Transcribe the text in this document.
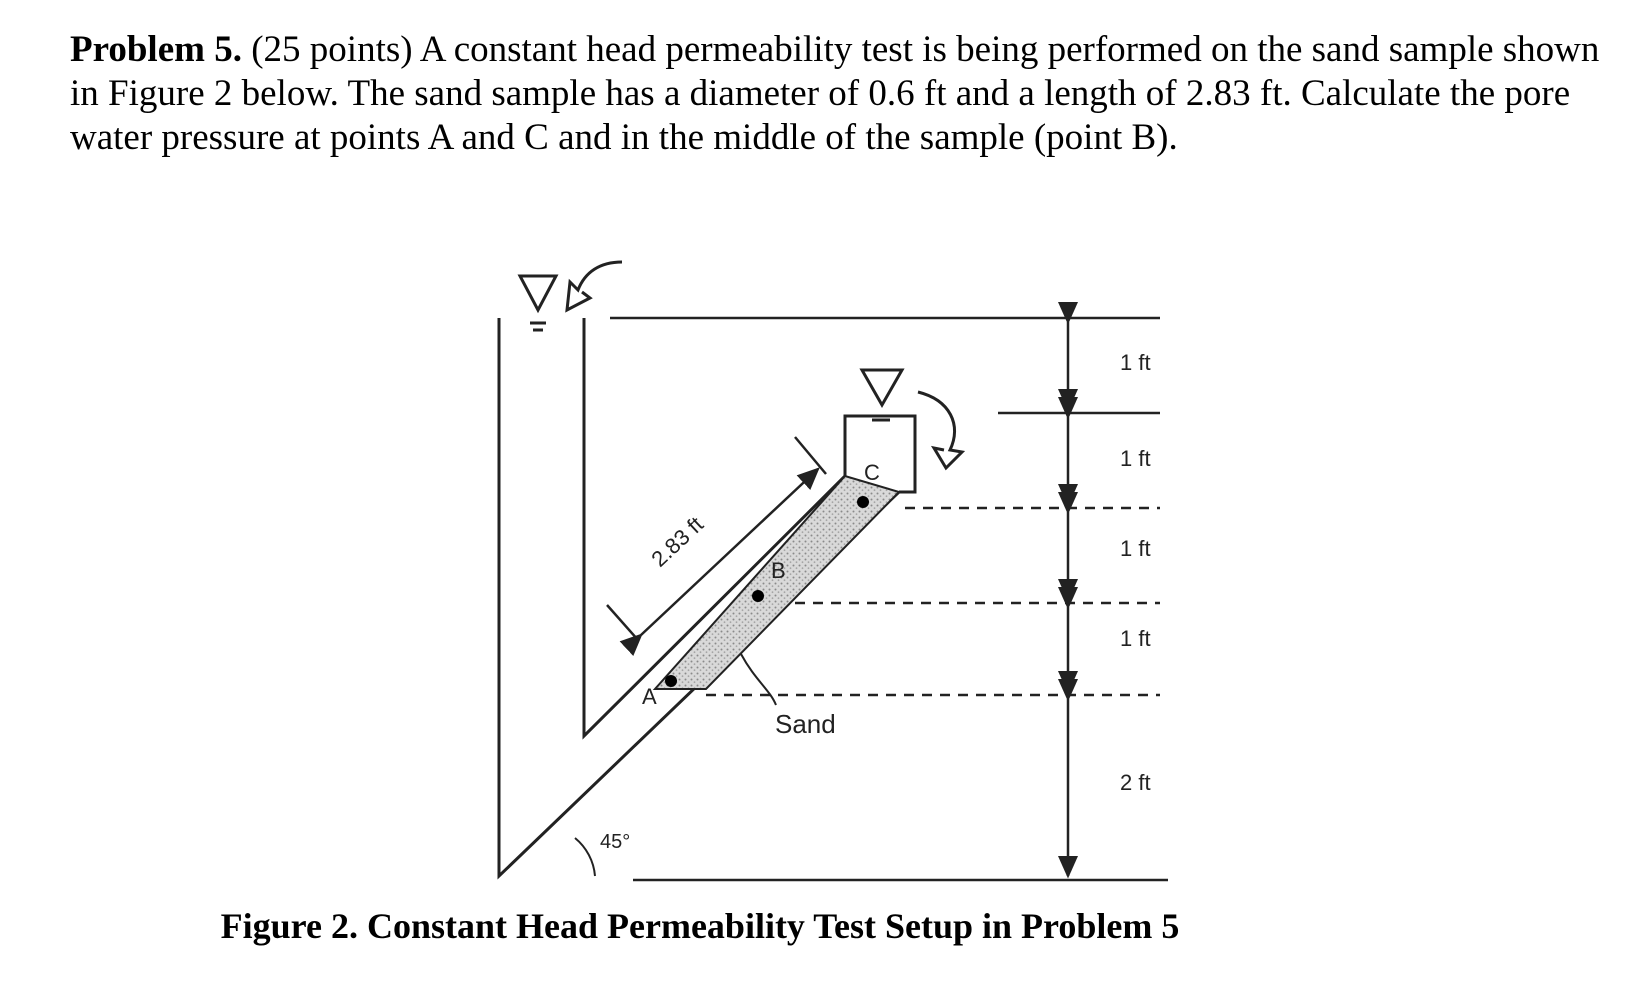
Problem 5. (25 points) A constant head permeability test is being performed on the sand sample shown in Figure 2 below. The sand sample has a diameter of 0.6 ft and a length of 2.83 ft. Calculate the pore water pressure at points A and C and in the middle of the sample (point B).

A
B
C
2.83 ft
Sand
45°
1 ft
1 ft
1 ft
1 ft
2 ft

Figure 2. Constant Head Permeability Test Setup in Problem 5
